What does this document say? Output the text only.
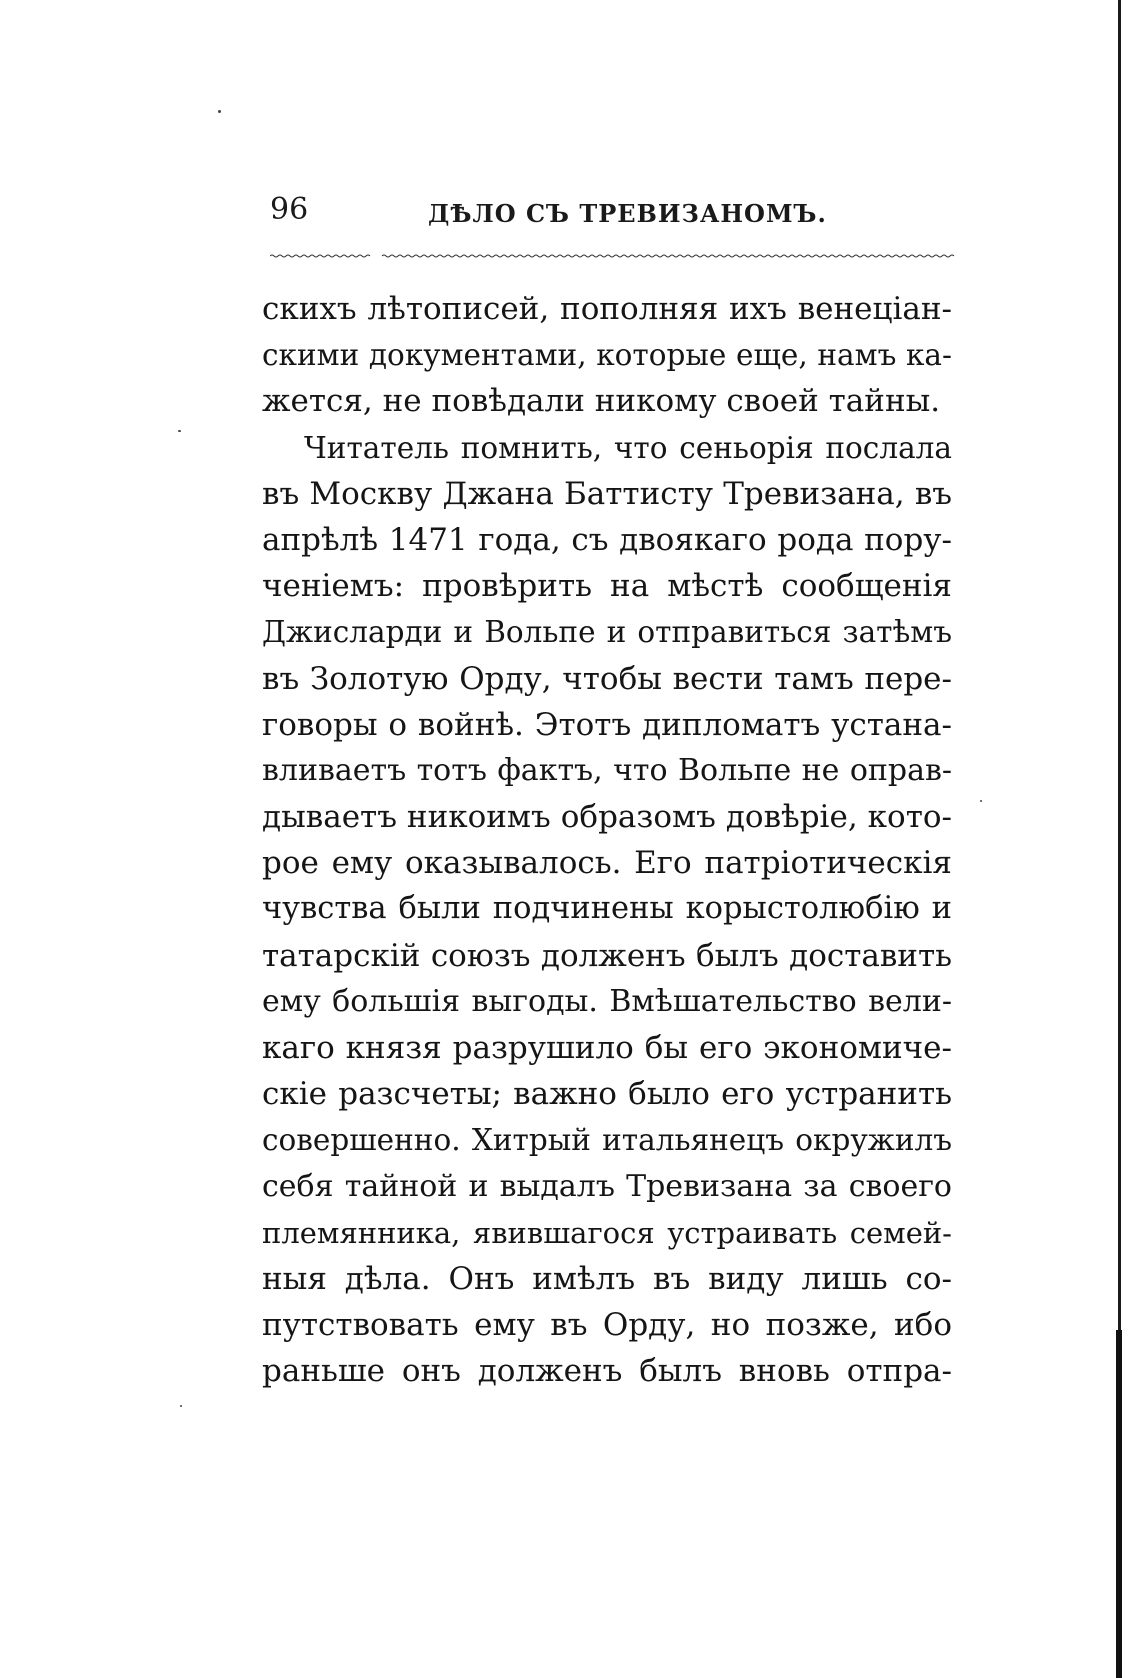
96	ДѢЛО СЪ ТРЕВИЗАНОМЪ.
скихъ лѣтописей, пополняя ихъ венеціан-
скими документами, которые еще, намъ ка-
жется, не повѣдали никому своей тайны.
Читатель помнить, что сеньорія послала
въ Москву Джана Баттисту Тревизана, въ
апрѣлѣ 1471 года, съ двоякаго рода пору-
ченіемъ: провѣрить на мѣстѣ сообщенія
Джисларди и Вольпе и отправиться затѣмъ
въ Золотую Орду, чтобы вести тамъ пере-
говоры о войнѣ. Этотъ дипломатъ устана-
вливаетъ тотъ фактъ, что Вольпе не оправ-
дываетъ никоимъ образомъ довѣріе, кото-
рое ему оказывалось. Его патріотическія
чувства были подчинены корыстолюбію и
татарскій союзъ долженъ былъ доставить
ему большія выгоды. Вмѣшательство вели-
каго князя разрушило бы его экономиче-
скіе разсчеты; важно было его устранить
совершенно. Хитрый итальянецъ окружилъ
себя тайной и выдалъ Тревизана за своего
племянника, явившагося устраивать семей-
ныя дѣла. Онъ имѣлъ въ виду лишь со-
путствовать ему въ Орду, но позже, ибо
раньше онъ долженъ былъ вновь отпра-
